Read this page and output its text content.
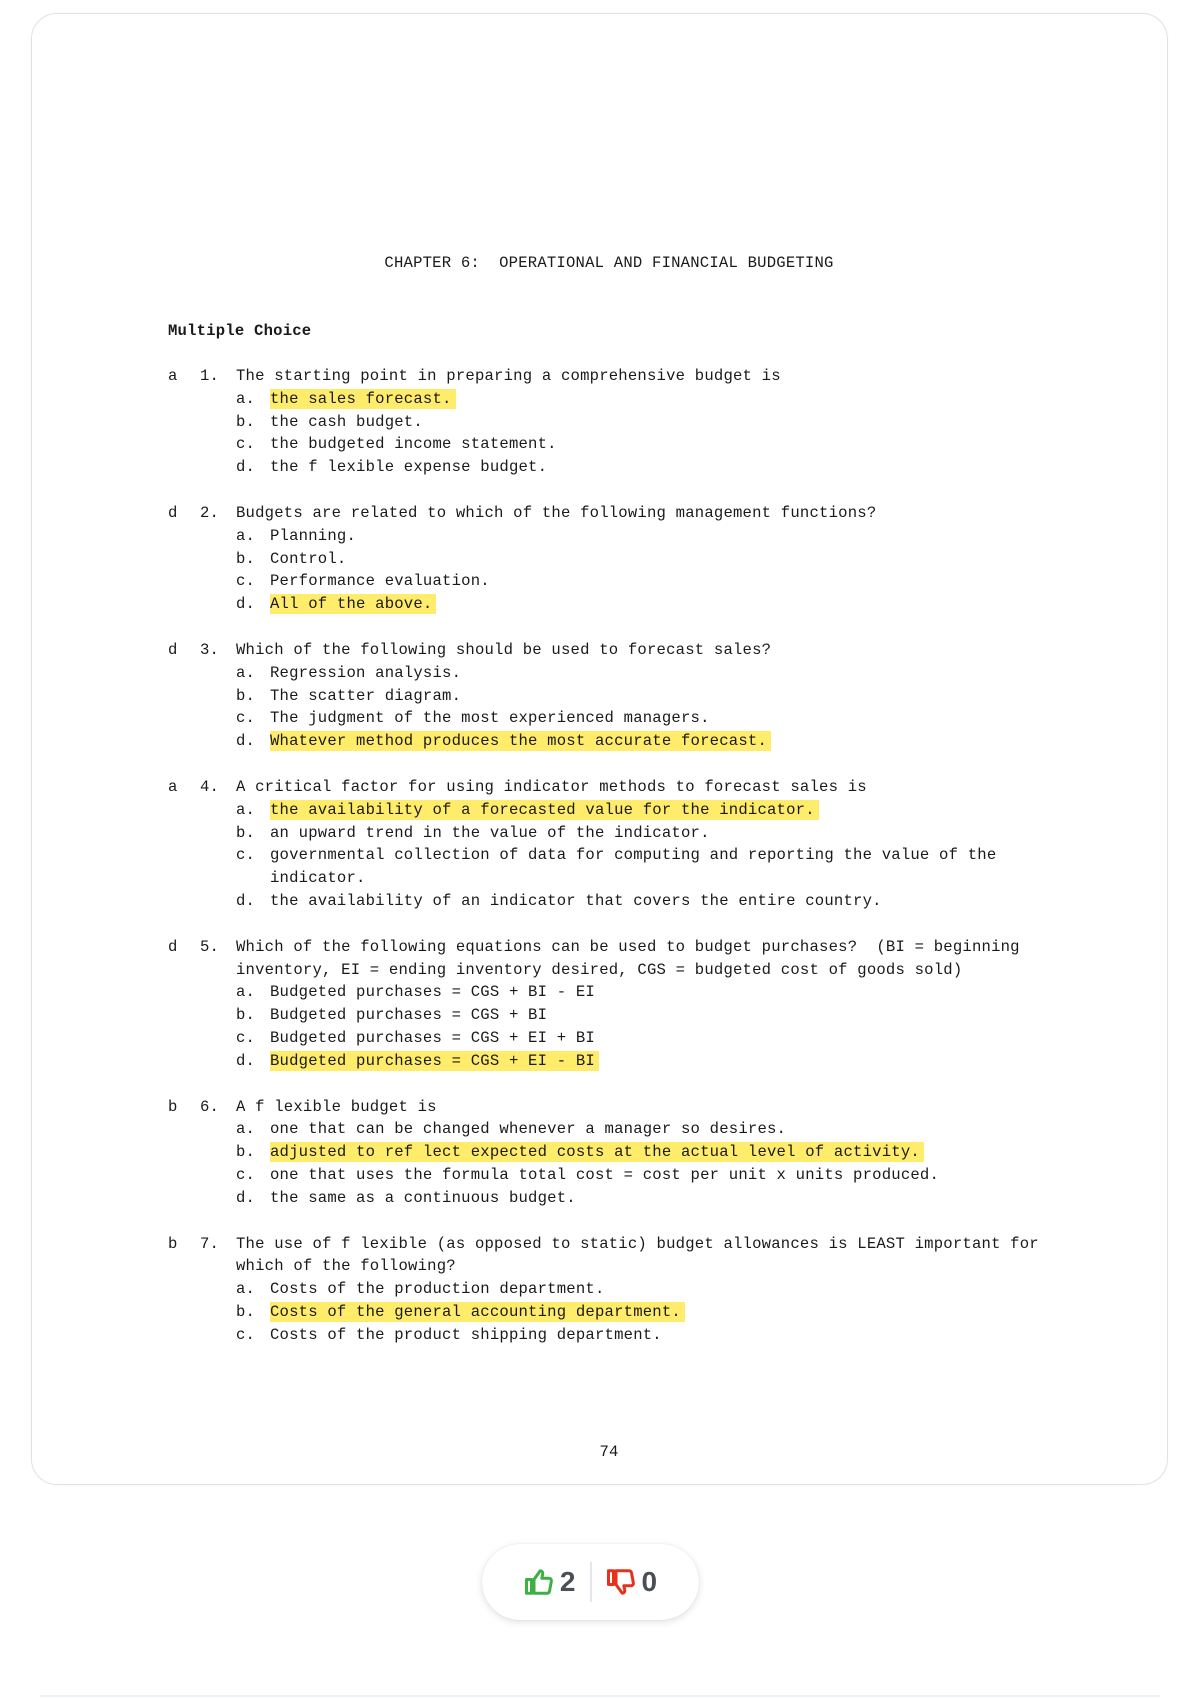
CHAPTER 6:  OPERATIONAL AND FINANCIAL BUDGETING
Multiple Choice
a	1.	The starting point in preparing a comprehensive budget is
a. the sales forecast.
b. the cash budget.
c. the budgeted income statement.
d. the f lexible expense budget.
d	2.	Budgets are related to which of the following management functions?
a. Planning.
b. Control.
c. Performance evaluation.
d. All of the above.
d	3.	Which of the following should be used to forecast sales?
a. Regression analysis.
b. The scatter diagram.
c. The judgment of the most experienced managers.
d. Whatever method produces the most accurate forecast.
a	4.	A critical factor for using indicator methods to forecast sales is
a. the availability of a forecasted value for the indicator.
b. an upward trend in the value of the indicator.
c. governmental collection of data for computing and reporting the value of the indicator.
d. the availability of an indicator that covers the entire country.
d	5.	Which of the following equations can be used to budget purchases?  (BI = beginning inventory, EI = ending inventory desired, CGS = budgeted cost of goods sold)
a. Budgeted purchases = CGS + BI - EI
b. Budgeted purchases = CGS + BI
c. Budgeted purchases = CGS + EI + BI
d. Budgeted purchases = CGS + EI - BI
b	6.	A f lexible budget is
a. one that can be changed whenever a manager so desires.
b. adjusted to ref lect expected costs at the actual level of activity.
c. one that uses the formula total cost = cost per unit x units produced.
d. the same as a continuous budget.
b	7.	The use of f lexible (as opposed to static) budget allowances is LEAST important for which of the following?
a. Costs of the production department.
b. Costs of the general accounting department.
c. Costs of the product shipping department.
74
2 0
